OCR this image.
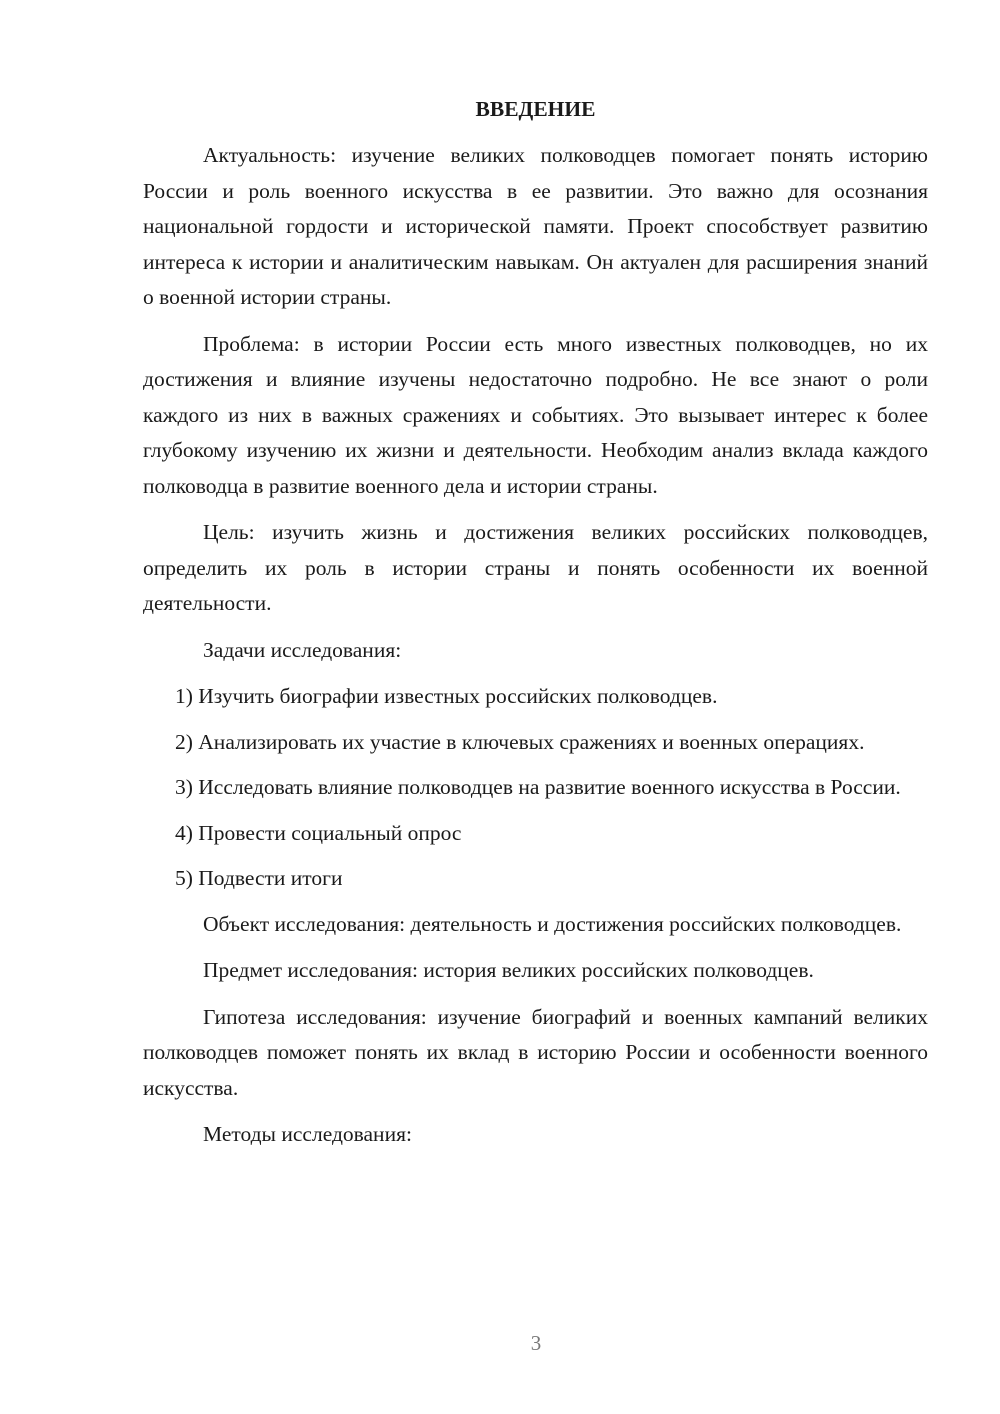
ВВЕДЕНИЕ

Актуальность: изучение великих полководцев помогает понять историю России и роль военного искусства в ее развитии. Это важно для осознания национальной гордости и исторической памяти. Проект способствует развитию интереса к истории и аналитическим навыкам. Он актуален для расширения знаний о военной истории страны.

Проблема: в истории России есть много известных полководцев, но их достижения и влияние изучены недостаточно подробно. Не все знают о роли каждого из них в важных сражениях и событиях. Это вызывает интерес к более глубокому изучению их жизни и деятельности. Необходим анализ вклада каждого полководца в развитие военного дела и истории страны.

Цель: изучить жизнь и достижения великих российских полководцев, определить их роль в истории страны и понять особенности их военной деятельности.

Задачи исследования:

1) Изучить биографии известных российских полководцев.

2) Анализировать их участие в ключевых сражениях и военных операциях.

3) Исследовать влияние полководцев на развитие военного искусства в России.

4) Провести социальный опрос

5) Подвести итоги

Объект исследования: деятельность и достижения российских полководцев.

Предмет исследования: история великих российских полководцев.

Гипотеза исследования: изучение биографий и военных кампаний великих полководцев поможет понять их вклад в историю России и особенности военного искусства.

Методы исследования:

3
